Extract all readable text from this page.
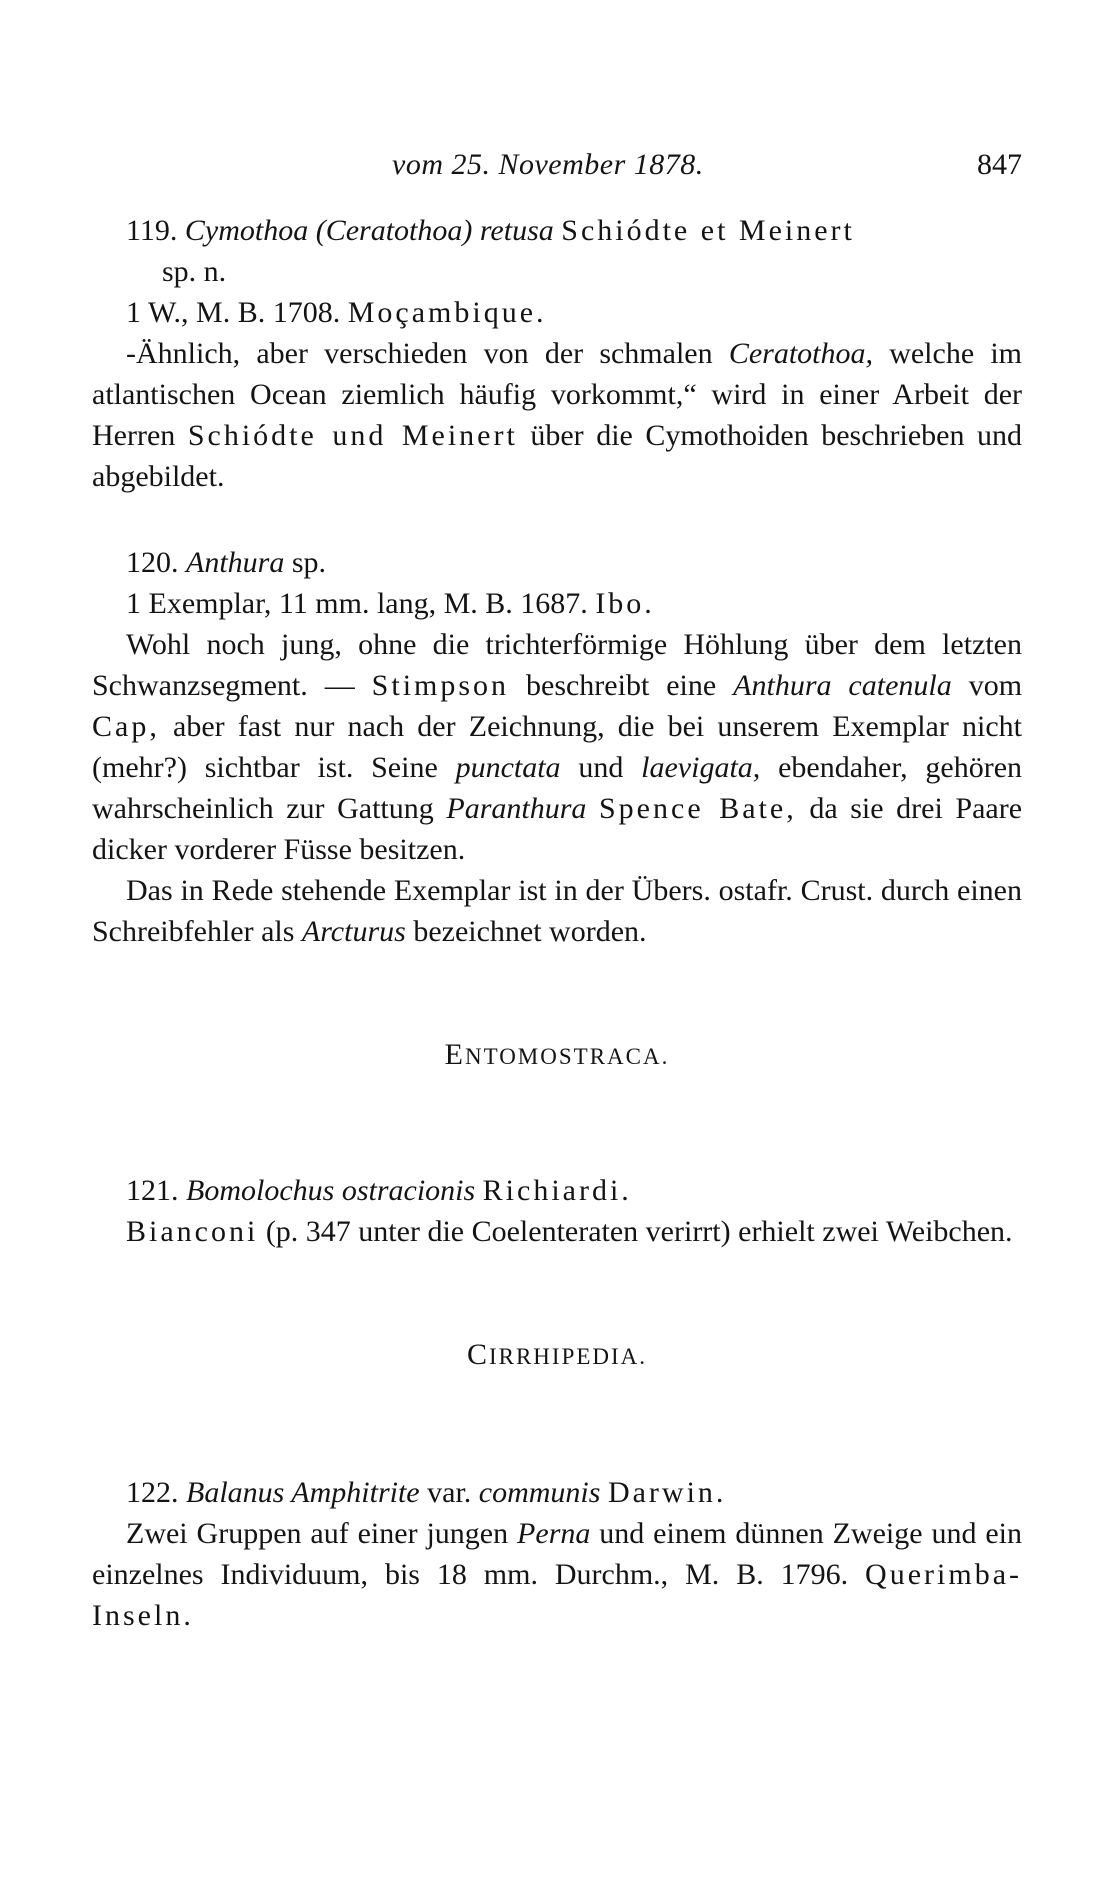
vom 25. November 1878.	847

119. Cymothoa (Ceratothoa) retusa Schiódte et Meinert

sp. n.

1 W., M. B. 1708. Moçambique.

-Ähnlich, aber verschieden von der schmalen Ceratothoa, welche im atlantischen Ocean ziemlich häufig vorkommt,“ wird in einer Arbeit der Herren Schiódte und Meinert über die Cymothoiden beschrieben und abgebildet.

120. Anthura sp.

1 Exemplar, 11 mm. lang, M. B. 1687. Ibo.

Wohl noch jung, ohne die trichterförmige Höhlung über dem letzten Schwanzsegment. — Stimpson beschreibt eine Anthura catenula vom Cap, aber fast nur nach der Zeichnung, die bei unserem Exemplar nicht (mehr?) sichtbar ist. Seine punctata und laevigata, ebendaher, gehören wahrscheinlich zur Gattung Paranthura Spence Bate, da sie drei Paare dicker vorderer Füsse besitzen.

Das in Rede stehende Exemplar ist in der Übers. ostafr. Crust. durch einen Schreibfehler als Arcturus bezeichnet worden.

ENTOMOSTRACA.

121. Bomolochus ostracionis Richiardi.

Bianconi (p. 347 unter die Coelenteraten verirrt) erhielt zwei Weibchen.

CIRRHIPEDIA.

122. Balanus Amphitrite var. communis Darwin.

Zwei Gruppen auf einer jungen Perna und einem dünnen Zweige und ein einzelnes Individuum, bis 18 mm. Durchm., M. B. 1796. Querimba-Inseln.
